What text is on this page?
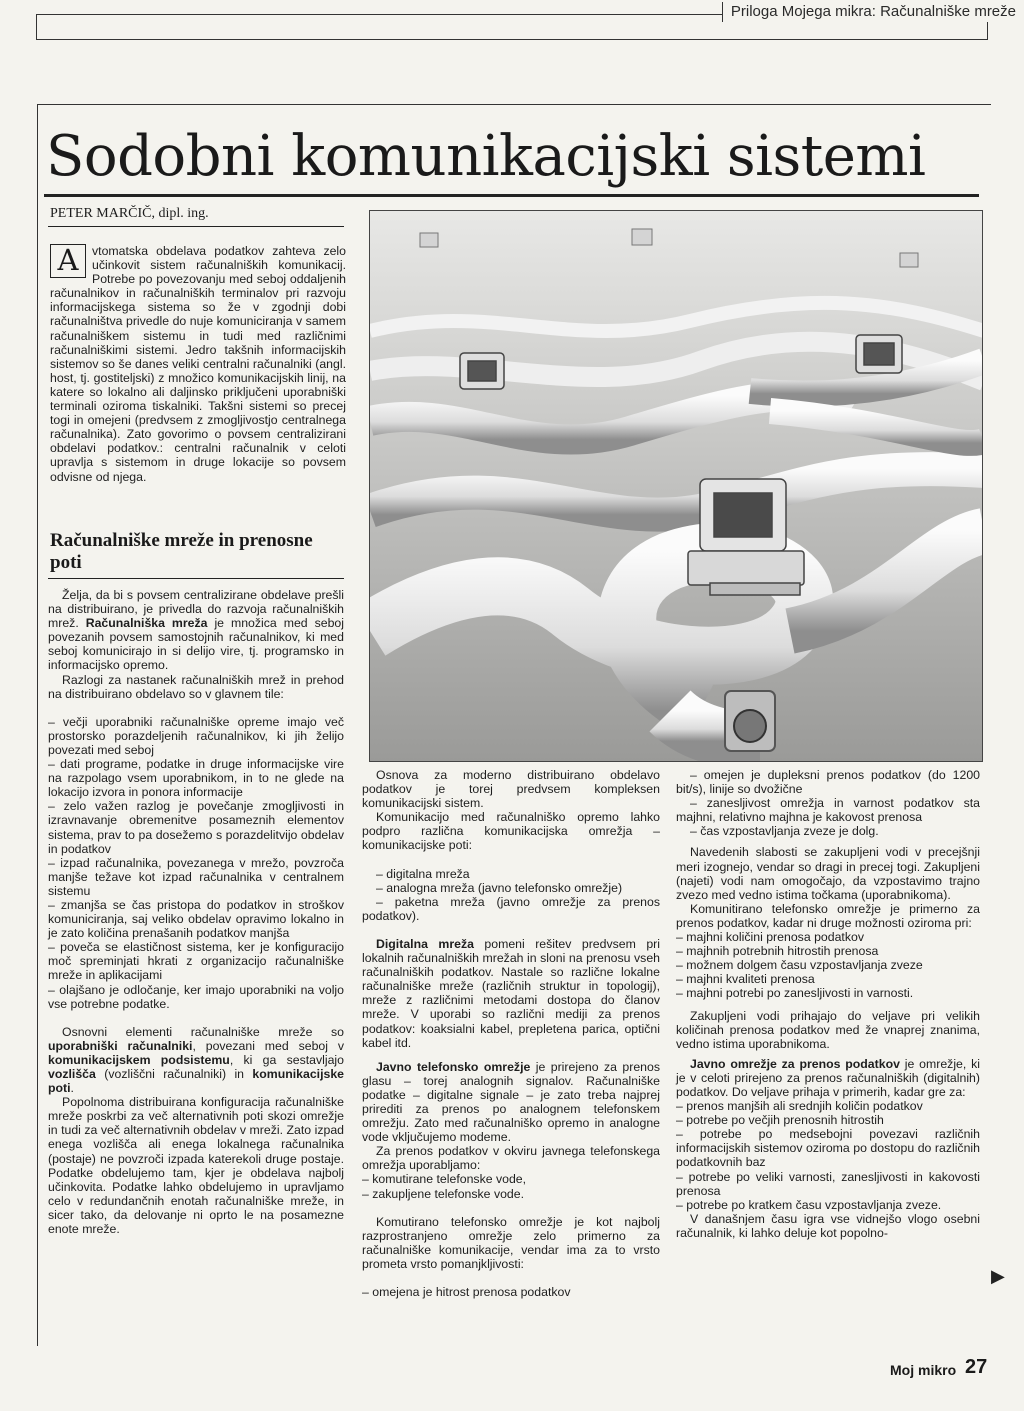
Priloga Mojega mikra: Računalniške mreže
Sodobni komunikacijski sistemi
PETER MARČIČ, dipl. ing.
A	vtomatska obdelava podatkov zahteva zelo učinkovit sistem računalniških komunikacij. Potrebe po povezovanju med seboj oddaljenih računalnikov in računalniških terminalov pri razvoju informacijskega sistema so že v zgodnji dobi računalništva privedle do nuje komuniciranja v samem računalniškem sistemu in tudi med različnimi računalniškimi sistemi. Jedro takšnih informacijskih sistemov so še danes veliki centralni računalniki (angl. host, tj. gostiteljski) z množico komunikacijskih linij, na katere so lokalno ali daljinsko priključeni uporabniški terminali oziroma tiskalniki. Takšni sistemi so precej togi in omejeni (predvsem z zmogljivostjo centralnega računalnika). Zato govorimo o povsem centralizirani obdelavi podatkov.: centralni računalnik v celoti upravlja s sistemom in druge lokacije so povsem odvisne od njega.

Računalniške mreže in prenosne poti

Želja, da bi s povsem centralizirane obdelave prešli na distribuirano, je privedla do razvoja računalniških mrež. Računalniška mreža je množica med seboj povezanih povsem samostojnih računalnikov, ki med seboj komunicirajo in si delijo vire, tj. programsko in informacijsko opremo.

Razlogi za nastanek računalniških mrež in prehod na distribuirano obdelavo so v glavnem tile:

– večji uporabniki računalniške opreme imajo več prostorsko porazdeljenih računalnikov, ki jih želijo povezati med seboj

– dati programe, podatke in druge informacijske vire na razpolago vsem uporabnikom, in to ne glede na lokacijo izvora in ponora informacije

– zelo važen razlog je povečanje zmogljivosti in izravnavanje obremenitve posameznih elementov sistema, prav to pa dosežemo s porazdelitvijo obdelav in podatkov

– izpad računalnika, povezanega v mrežo, povzroča manjše težave kot izpad računalnika v centralnem sistemu

– zmanjša se čas pristopa do podatkov in stroškov komuniciranja, saj veliko obdelav opravimo lokalno in je zato količina prenašanih podatkov manjša

– poveča se elastičnost sistema, ker je konfiguracijo moč spreminjati hkrati z organizacijo računalniške mreže in aplikacijami

– olajšano je odločanje, ker imajo uporabniki na voljo vse potrebne podatke.

Osnovni elementi računalniške mreže so uporabniški računalniki, povezani med seboj v komunikacijskem podsistemu, ki ga sestavljajo vozlišča (vozliščni računalniki) in komunikacijske poti.

Popolnoma distribuirana konfiguracija računalniške mreže poskrbi za več alternativnih poti skozi omrežje in tudi za več alternativnih obdelav v mreži. Zato izpad enega vozlišča ali enega lokalnega računalnika (postaje) ne povzroči izpada katerekoli druge postaje. Podatke obdelujemo tam, kjer je obdelava najbolj učinkovita. Podatke lahko obdelujemo in upravljamo celo v redundančnih enotah računalniške mreže, in sicer tako, da delovanje ni oprto le na posamezne enote mreže.

Osnova za moderno distribuirano obdelavo podatkov je torej predvsem kompleksen komunikacijski sistem.

Komunikacijo med računalniško opremo lahko podpro različna komunikacijska omrežja – komunikacijske poti:

– digitalna mreža

– analogna mreža (javno telefonsko omrežje)

– paketna mreža (javno omrežje za prenos podatkov).

Digitalna mreža pomeni rešitev predvsem pri lokalnih računalniških mrežah in sloni na prenosu vseh računalniških podatkov. Nastale so različne lokalne računalniške mreže (različnih struktur in topologij), mreže z različnimi metodami dostopa do članov mreže. V uporabi so različni mediji za prenos podatkov: koaksialni kabel, prepletena parica, optični kabel itd.

Javno telefonsko omrežje je prirejeno za prenos glasu – torej analognih signalov. Računalniške podatke – digitalne signale – je zato treba najprej prirediti za prenos po analognem telefonskem omrežju. Zato med računalniško opremo in analogne vode vključujemo modeme.

Za prenos podatkov v okviru javnega telefonskega omrežja uporabljamo:

– komutirane telefonske vode,

– zakupljene telefonske vode.

Komutirano telefonsko omrežje je kot najbolj razprostranjeno omrežje zelo primerno za računalniške komunikacije, vendar ima za to vrsto prometa vrsto pomanjkljivosti:

– omejena je hitrost prenosa podatkov

– omejen je dupleksni prenos podatkov (do 1200 bit/s), linije so dvožične

– zanesljivost omrežja in varnost podatkov sta majhni, relativno majhna je kakovost prenosa

– čas vzpostavljanja zveze je dolg.

Navedenih slabosti se zakupljeni vodi v precejšnji meri izognejo, vendar so dragi in precej togi. Zakupljeni (najeti) vodi nam omogočajo, da vzpostavimo trajno zvezo med vedno istima točkama (uporabnikoma).

Komunitirano telefonsko omrežje je primerno za prenos podatkov, kadar ni druge možnosti oziroma pri:

– majhni količini prenosa podatkov

– majhnih potrebnih hitrostih prenosa

– možnem dolgem času vzpostavljanja zveze

– majhni kvaliteti prenosa

– majhni potrebi po zanesljivosti in varnosti.

Zakupljeni vodi prihajajo do veljave pri velikih količinah prenosa podatkov med že vnaprej znanima, vedno istima uporabnikoma.

Javno omrežje za prenos podatkov je omrežje, ki je v celoti prirejeno za prenos računalniških (digitalnih) podatkov. Do veljave prihaja v primerih, kadar gre za:

– prenos manjših ali srednjih količin podatkov

– potrebe po večjih prenosnih hitrostih

– potrebe po medsebojni povezavi različnih informacijskih sistemov oziroma po dostopu do različnih podatkovnih baz

– potrebe po veliki varnosti, zanesljivosti in kakovosti prenosa

– potrebe po kratkem času vzpostavljanja zveze.

V današnjem času igra vse vidnejšo vlogo osebni računalnik, ki lahko deluje kot popolno-

▶
Moj mikro 27
